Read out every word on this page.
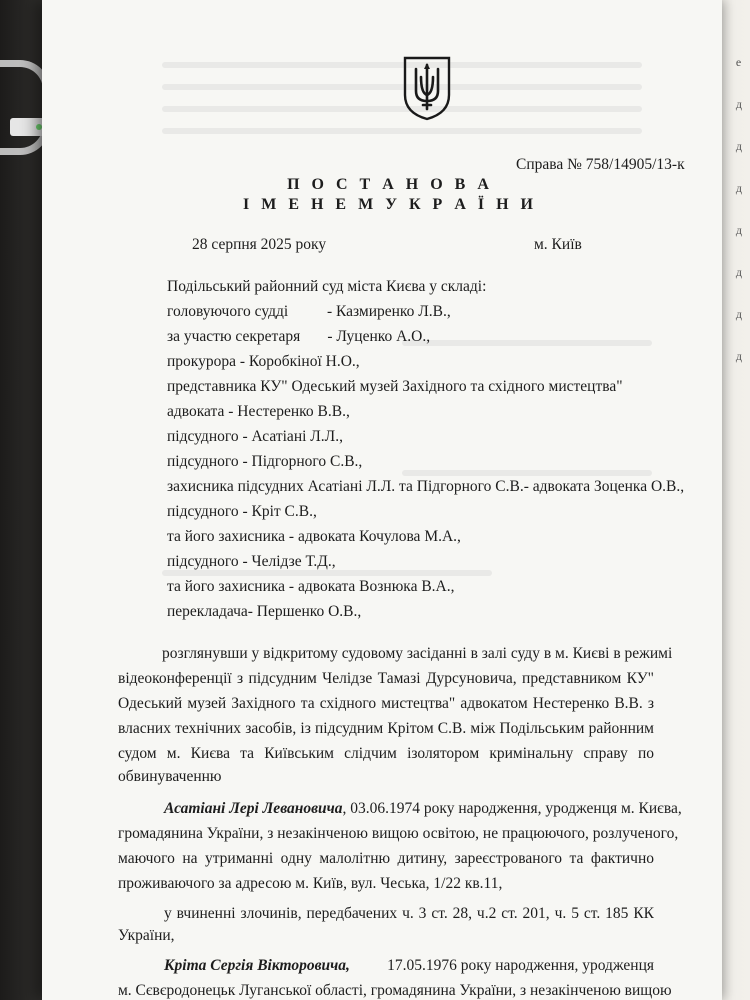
е
д
д
д
д
д
д
д
Справа № 758/14905/13-к
П О С Т А Н О В А
І М Е Н Е М У К Р А Ї Н И
28 серпня 2025 року	м. Київ
Подільський районний суд міста Києва у складі:
головуючого судді          - Казмиренко Л.В.,
за участю секретаря       - Луценко А.О.,
прокурора - Коробкіної Н.О.,
представника КУ" Одеський музей Західного та східного мистецтва"
адвоката - Нестеренко В.В.,
підсудного - Асатіані Л.Л.,
підсудного - Підгорного С.В.,
захисника підсудних Асатіані Л.Л. та Підгорного С.В.- адвоката Зоценка О.В.,
підсудного - Кріт С.В.,
та його захисника - адвоката Кочулова М.А.,
підсудного - Челідзе Т.Д.,
та його захисника - адвоката Вознюка В.А.,
перекладача- Першенко О.В.,
розглянувши у відкритому судовому засіданні в залі суду в м. Києві в режимі
відеоконференції з підсудним Челідзе Тамазі Дурсуновича, представником КУ"
Одеський музей Західного та східного мистецтва" адвокатом Нестеренко В.В. з
власних технічних засобів, із підсудним Крітом С.В. між Подільським районним
судом м. Києва та Київським слідчим ізолятором кримінальну справу по
обвинуваченню
Асатіані Лері Левановича , 03.06.1974 року народження, уродженця м. Києва,
громадянина України, з незакінченою вищою освітою, не працюючого, розлученого,
маючого на утриманні одну малолітню дитину, зареєстрованого та фактично
проживаючого за адресою м. Київ, вул. Чеська, 1/22 кв.11,
у вчиненні злочинів, передбачених ч. 3 ст. 28, ч.2 ст. 201, ч. 5 ст. 185 КК
України,
Кріта Сергія Вікторовича, 17.05.1976 року народження, уродженця
м. Сєвєродонецьк Луганської області, громадянина України, з незакінченою вищою
